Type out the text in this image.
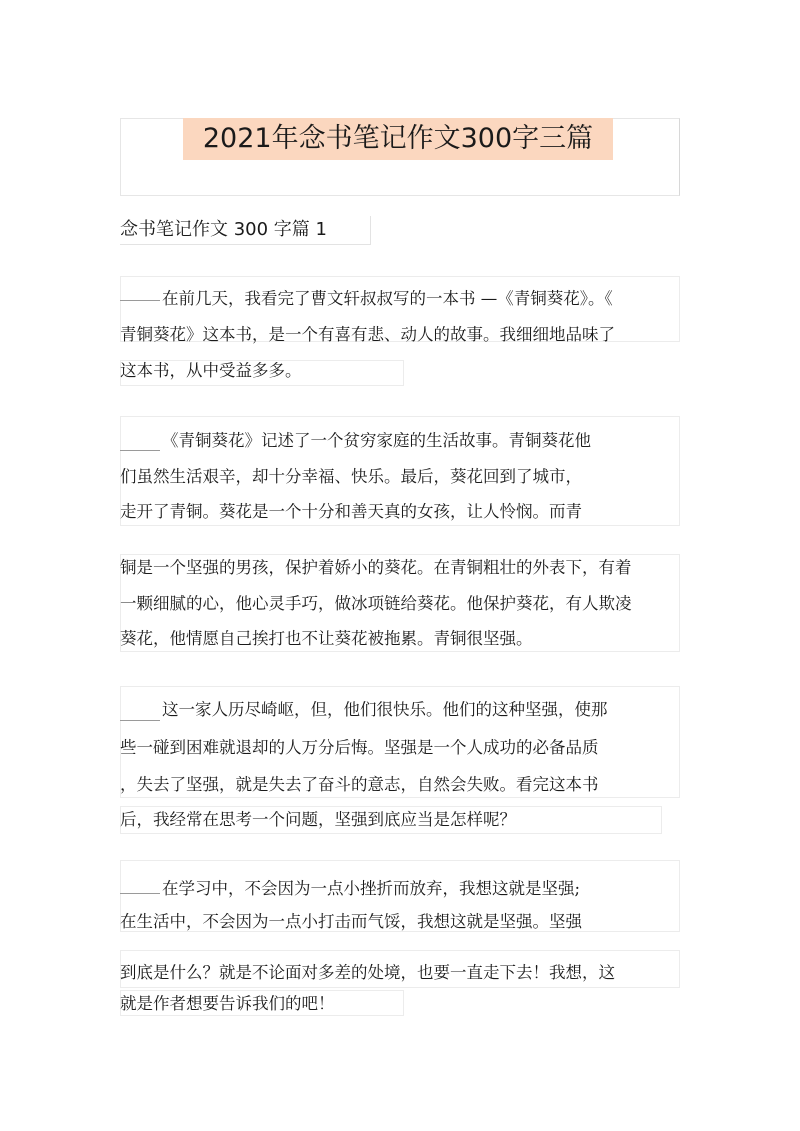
2021年念书笔记作文300字三篇
念书笔记作文 300 字篇 1
在前几天，我看完了曹文轩叔叔写的一本书 —《青铜葵花》。《
青铜葵花》这本书，是一个有喜有悲、动人的故事。我细细地品味了
这本书，从中受益多多。
《青铜葵花》记述了一个贫穷家庭的生活故事。青铜葵花他
们虽然生活艰辛，却十分幸福、快乐。最后，葵花回到了城市，
走开了青铜。葵花是一个十分和善天真的女孩，让人怜悯。而青
铜是一个坚强的男孩，保护着娇小的葵花。在青铜粗壮的外表下，有着
一颗细腻的心，他心灵手巧，做冰项链给葵花。他保护葵花，有人欺凌
葵花，他情愿自己挨打也不让葵花被拖累。青铜很坚强。
这一家人历尽崎岖，但，他们很快乐。他们的这种坚强，使那
些一碰到困难就退却的人万分后悔。坚强是一个人成功的必备品质
，失去了坚强，就是失去了奋斗的意志，自然会失败。看完这本书
后，我经常在思考一个问题，坚强到底应当是怎样呢？
在学习中，不会因为一点小挫折而放弃，我想这就是坚强;
在生活中，不会因为一点小打击而气馁，我想这就是坚强。坚强
到底是什么？就是不论面对多差的处境，也要一直走下去！我想，这
就是作者想要告诉我们的吧！
